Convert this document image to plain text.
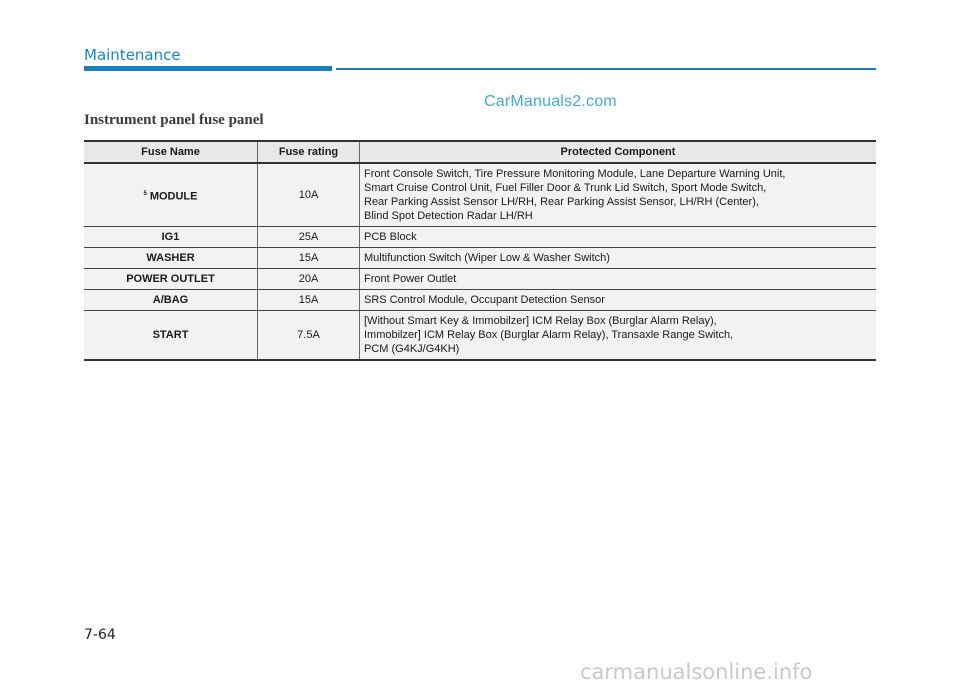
Maintenance
CarManuals2.com
Instrument panel fuse panel
Fuse Name	Fuse rating	Protected Component
$^5$ MODULE	10A	Front Console Switch, Tire Pressure Monitoring Module, Lane Departure Warning Unit,
Smart Cruise Control Unit, Fuel Filler Door & Trunk Lid Switch, Sport Mode Switch,
Rear Parking Assist Sensor LH/RH, Rear Parking Assist Sensor, LH/RH (Center),
Blind Spot Detection Radar LH/RH

IG1	25A	PCB Block

WASHER	15A	Multifunction Switch (Wiper Low & Washer Switch)

POWER OUTLET	20A	Front Power Outlet

A/BAG	15A	SRS Control Module, Occupant Detection Sensor

START	7.5A	[Without Smart Key & Immobilzer] ICM Relay Box (Burglar Alarm Relay),
Immobilzer] ICM Relay Box (Burglar Alarm Relay), Transaxle Range Switch,
PCM (G4KJ/G4KH)
7-64
carmanualsonline.info
